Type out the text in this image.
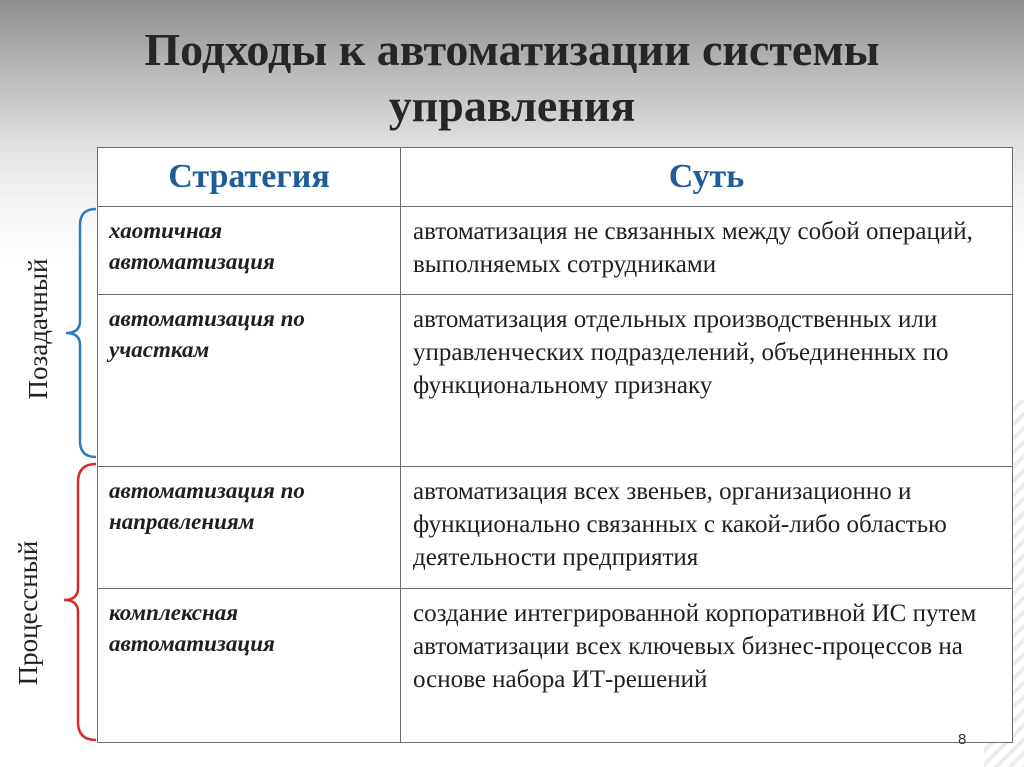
Подходы к автоматизации системы управления
Позадачный
Процессный
Стратегия	Суть
хаотичная автоматизация	автоматизация не связанных между собой операций, выполняемых сотрудниками
автоматизация по участкам	автоматизация отдельных производственных или управленческих подразделений, объединенных по функциональному признаку
автоматизация по направлениям	автоматизация всех звеньев, организационно и функционально связанных с какой-либо областью деятельности предприятия
комплексная автоматизация	создание интегрированной корпоративной ИС путем автоматизации всех ключевых бизнес-процессов на основе набора ИТ-решений
8
